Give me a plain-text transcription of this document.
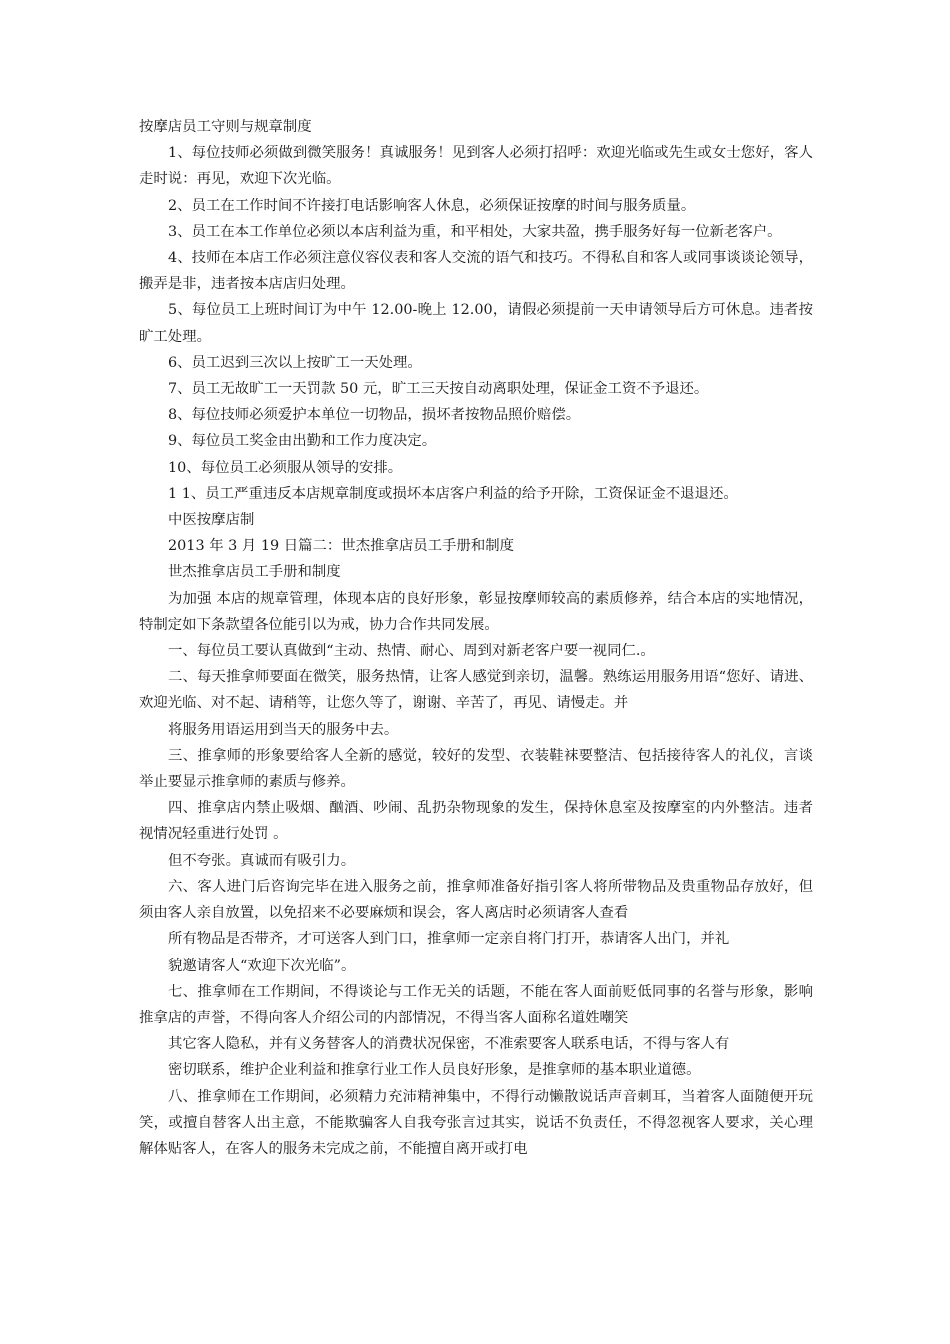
按摩店员工守则与规章制度

1、每位技师必须做到微笑服务！真诚服务！见到客人必须打招呼：欢迎光临或先生或女士您好，客人走时说：再见，欢迎下次光临。

2、员工在工作时间不许接打电话影响客人休息，必须保证按摩的时间与服务质量。

3、员工在本工作单位必须以本店利益为重，和平相处，大家共盈，携手服务好每一位新老客户。

4、技师在本店工作必须注意仪容仪表和客人交流的语气和技巧。不得私自和客人或同事谈谈论领导，搬弄是非，违者按本店店归处理。

5、每位员工上班时间订为中午 12.00-晚上 12.00，请假必须提前一天申请领导后方可休息。违者按旷工处理。

6、员工迟到三次以上按旷工一天处理。

7、员工无故旷工一天罚款 50 元，旷工三天按自动离职处理，保证金工资不予退还。

8、每位技师必须爱护本单位一切物品，损坏者按物品照价赔偿。

9、每位员工奖金由出勤和工作力度决定。

10、每位员工必须服从领导的安排。

1 1、员工严重违反本店规章制度或损坏本店客户利益的给予开除，工资保证金不退退还。

中医按摩店制

2013 年 3 月 19 日篇二：世杰推拿店员工手册和制度

世杰推拿店员工手册和制度

为加强 本店的规章管理，体现本店的良好形象，彰显按摩师较高的素质修养，结合本店的实地情况，特制定如下条款望各位能引以为戒，协力合作共同发展。

一、每位员工要认真做到“主动、热情、耐心、周到对新老客户要一视同仁.。

二、每天推拿师要面在微笑，服务热情，让客人感觉到亲切，温馨。熟练运用服务用语“您好、请进、欢迎光临、对不起、请稍等，让您久等了，谢谢、辛苦了，再见、请慢走。并

将服务用语运用到当天的服务中去。

三、推拿师的形象要给客人全新的感觉，较好的发型、衣装鞋袜要整洁、包括接待客人的礼仪，言谈举止要显示推拿师的素质与修养。

四、推拿店内禁止吸烟、酗酒、吵闹、乱扔杂物现象的发生，保持休息室及按摩室的内外整洁。违者视情况轻重进行处罚 。

但不夸张。真诚而有吸引力。

六、客人进门后咨询完毕在进入服务之前，推拿师准备好指引客人将所带物品及贵重物品存放好，但须由客人亲自放置，以免招来不必要麻烦和误会，客人离店时必须请客人查看

所有物品是否带齐，才可送客人到门口，推拿师一定亲自将门打开，恭请客人出门，并礼

貌邀请客人“欢迎下次光临”。

七、推拿师在工作期间，不得谈论与工作无关的话题，不能在客人面前贬低同事的名誉与形象，影响推拿店的声誉，不得向客人介绍公司的内部情况，不得当客人面称名道姓嘲笑

其它客人隐私，并有义务替客人的消费状况保密，不准索要客人联系电话，不得与客人有

密切联系，维护企业利益和推拿行业工作人员良好形象，是推拿师的基本职业道德。

八、推拿师在工作期间，必须精力充沛精神集中，不得行动懒散说话声音刺耳，当着客人面随便开玩笑，或擅自替客人出主意，不能欺骗客人自我夸张言过其实，说话不负责任，不得忽视客人要求，关心理解体贴客人，在客人的服务未完成之前，不能擅自离开或打电
